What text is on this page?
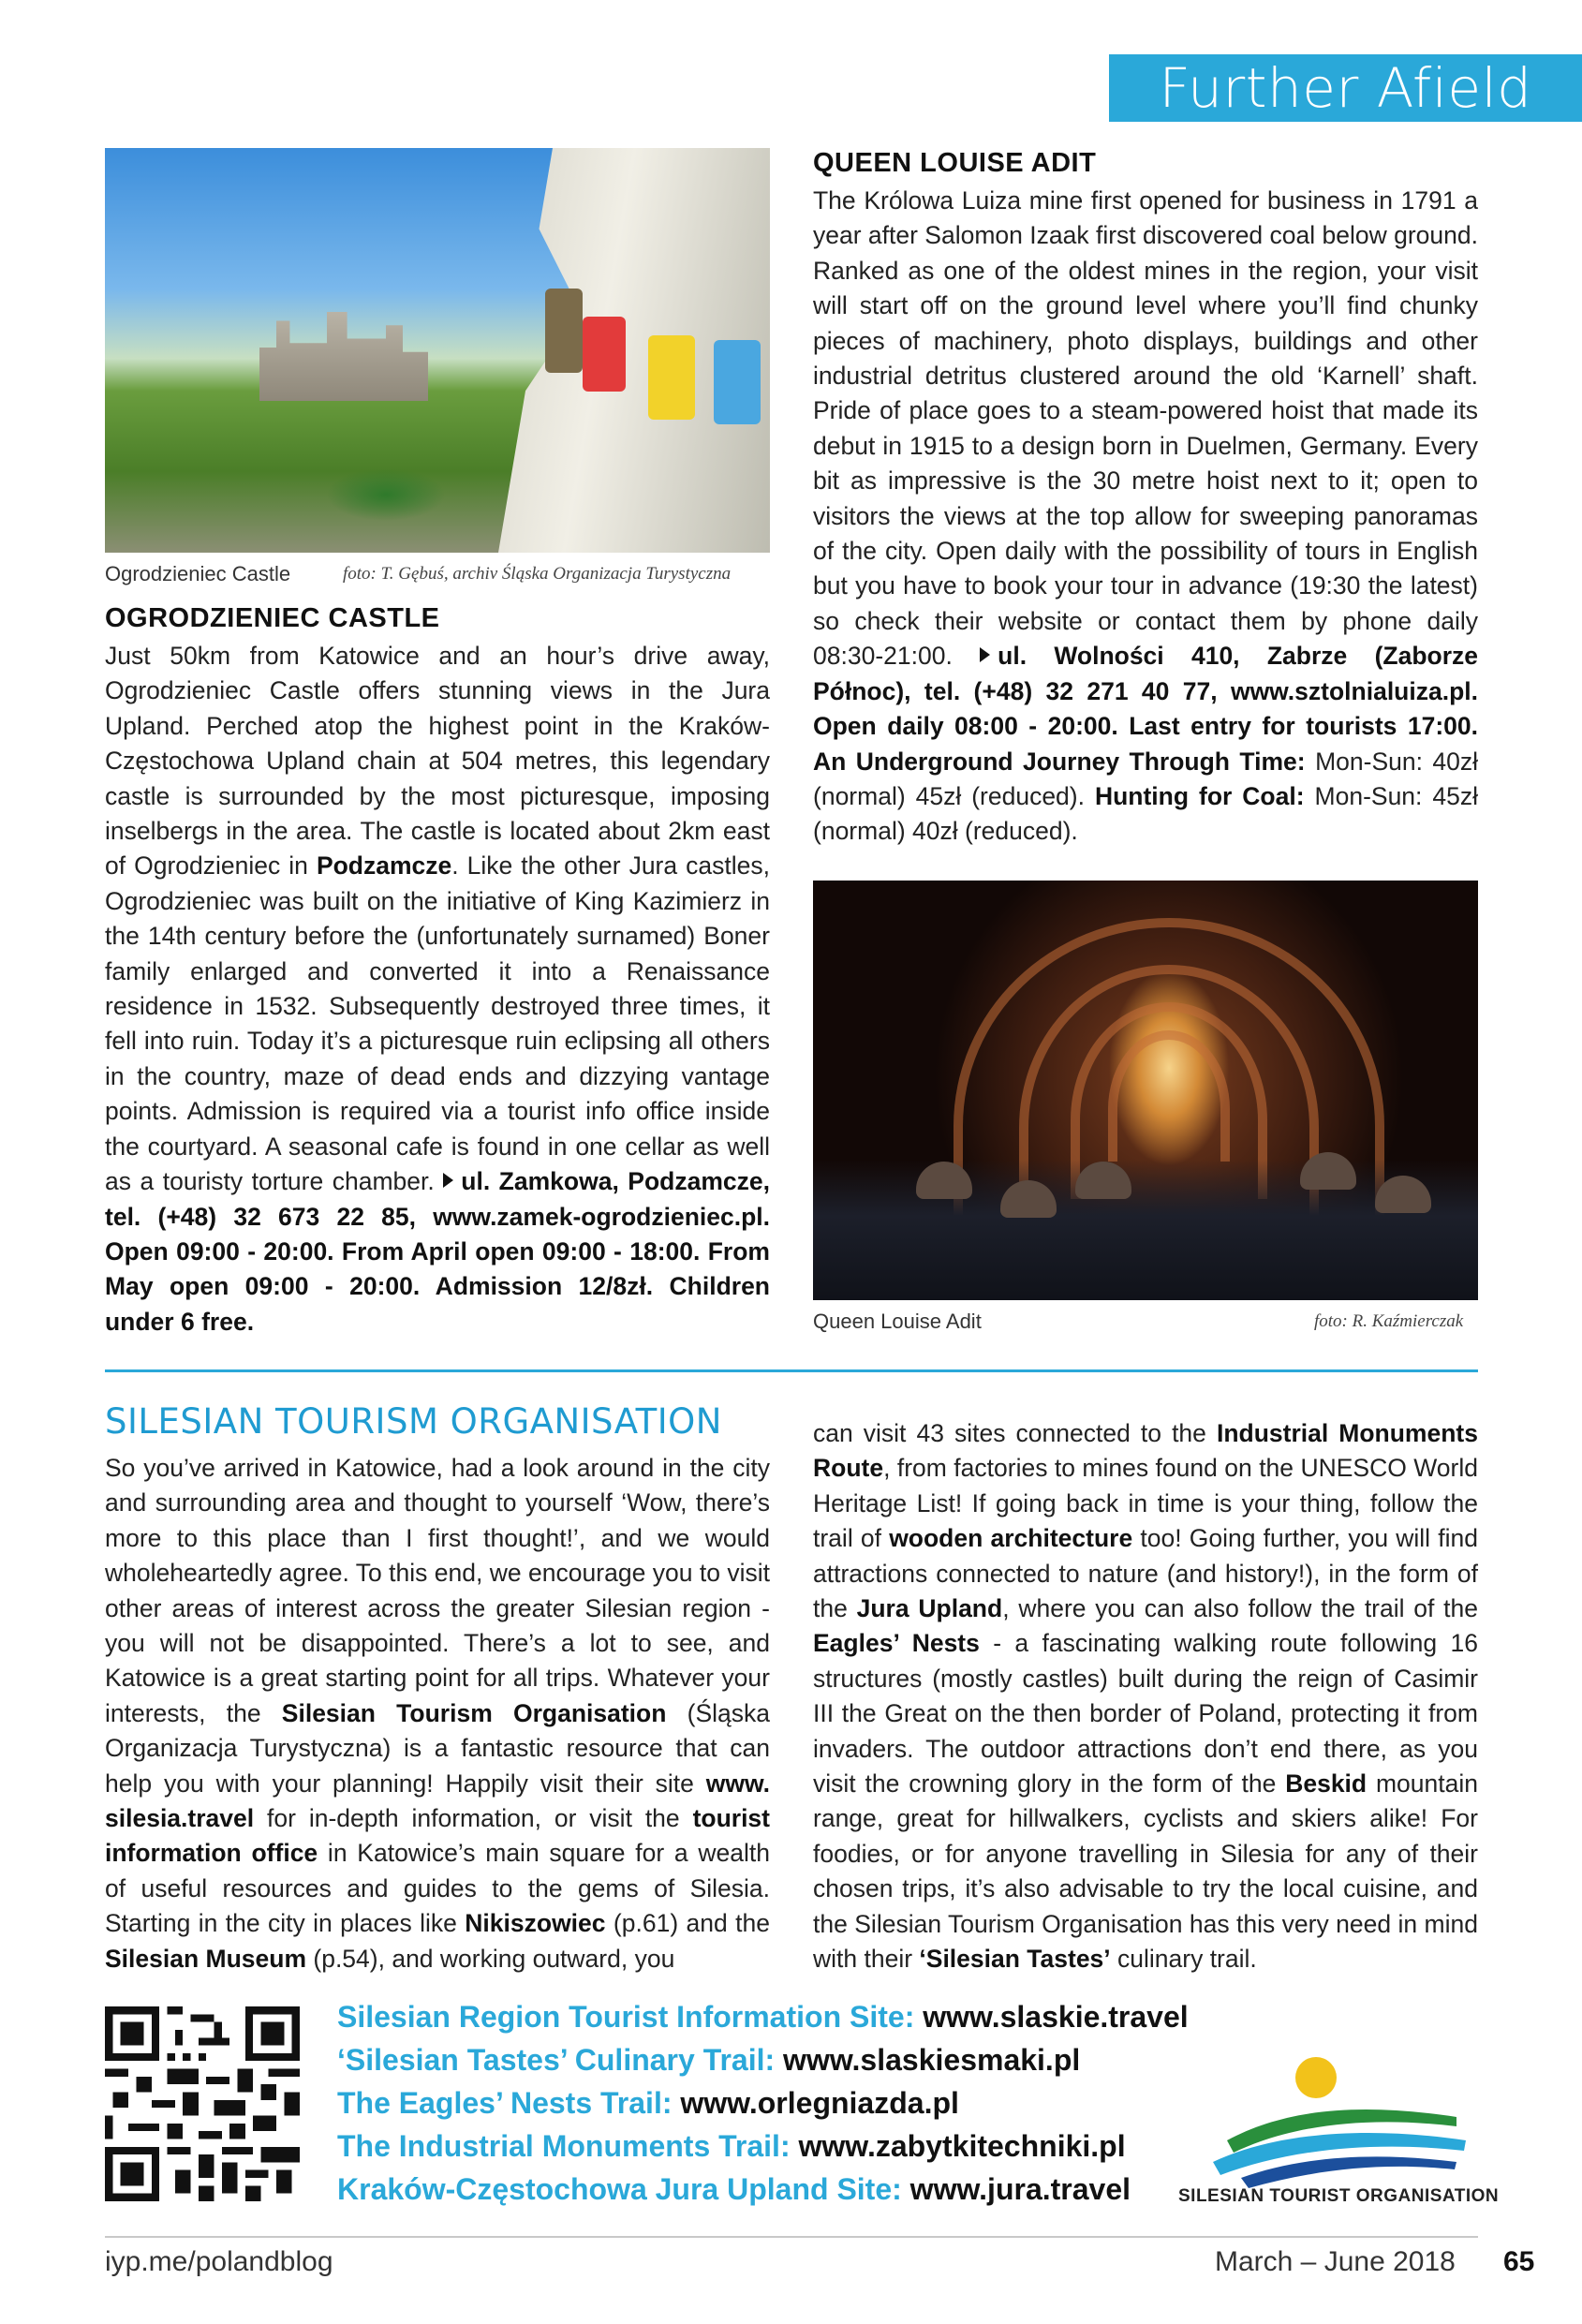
Further Afield
Ogrodzieniec Castle	foto: T. Gębuś, archiv Śląska Organizacja Turystyczna
OGRODZIENIEC CASTLE
Just 50km from Katowice and an hour’s drive away, Ogrodzieniec Castle offers stunning views in the Jura Upland. Perched atop the highest point in the Kraków-Częstochowa Upland chain at 504 metres, this legendary castle is surrounded by the most picturesque, imposing inselbergs in the area. The castle is located about 2km east of Ogrodzieniec in Podzamcze. Like the other Jura castles, Ogrodzieniec was built on the initiative of King Kazimierz in the 14th century before the (unfortunately surnamed) Boner family enlarged and converted it into a Renaissance residence in 1532. Subsequently destroyed three times, it fell into ruin. Today it’s a picturesque ruin eclipsing all others in the country, maze of dead ends and dizzying vantage points. Admission is required via a tourist info office inside the courtyard. A seasonal cafe is found in one cellar as well as a touristy torture chamber. ul. Zamkowa, Podzamcze, tel. (+48) 32 673 22 85, www.zamek-ogrodzieniec.pl. Open 09:00 - 20:00. From April open 09:00 - 18:00. From May open 09:00 - 20:00. Admission 12/8zł. Children under 6 free.
QUEEN LOUISE ADIT
The Królowa Luiza mine first opened for business in 1791 a year after Salomon Izaak first discovered coal below ground. Ranked as one of the oldest mines in the region, your visit will start off on the ground level where you’ll find chunky pieces of machinery, photo displays, buildings and other industrial detritus clustered around the old ‘Karnell’ shaft. Pride of place goes to a steam-powered hoist that made its debut in 1915 to a design born in Duelmen, Germany. Every bit as impressive is the 30 metre hoist next to it; open to visitors the views at the top allow for sweeping panoramas of the city. Open daily with the possibility of tours in English but you have to book your tour in advance (19:30 the latest) so check their website or contact them by phone daily 08:30-21:00. ul. Wolności 410, Zabrze (Zaborze Północ), tel. (+48) 32 271 40 77, www.sztolnialuiza.pl. Open daily 08:00 - 20:00. Last entry for tourists 17:00. An Underground Journey Through Time: Mon-Sun: 40zł (normal) 45zł (reduced). Hunting for Coal: Mon-Sun: 45zł (normal) 40zł (reduced).
Queen Louise Adit	foto: R. Kaźmierczak
SILESIAN TOURISM ORGANISATION
So you’ve arrived in Katowice, had a look around in the city and surrounding area and thought to yourself ‘Wow, there’s more to this place than I first thought!’, and we would wholeheartedly agree. To this end, we encourage you to visit other areas of interest across the greater Silesian region - you will not be disappointed. There’s a lot to see, and Katowice is a great starting point for all trips. Whatever your interests, the Silesian Tourism Organisation (Śląska Organizacja Turystyczna) is a fantastic resource that can help you with your planning! Happily visit their site www. silesia.travel for in-depth information, or visit the tourist information office in Katowice’s main square for a wealth of useful resources and guides to the gems of Silesia. Starting in the city in places like Nikiszowiec (p.61) and the Silesian Museum (p.54), and working outward, you
can visit 43 sites connected to the Industrial Monuments Route, from factories to mines found on the UNESCO World Heritage List! If going back in time is your thing, follow the trail of wooden architecture too! Going further, you will find attractions connected to nature (and history!), in the form of the Jura Upland, where you can also follow the trail of the Eagles’ Nests - a fascinating walking route following 16 structures (mostly castles) built during the reign of Casimir III the Great on the then border of Poland, protecting it from invaders. The outdoor attractions don’t end there, as you visit the crowning glory in the form of the Beskid mountain range, great for hillwalkers, cyclists and skiers alike! For foodies, or for anyone travelling in Silesia for any of their chosen trips, it’s also advisable to try the local cuisine, and the Silesian Tourism Organisation has this very need in mind with their ‘Silesian Tastes’ culinary trail.
Silesian Region Tourist Information Site: www.slaskie.travel
‘Silesian Tastes’ Culinary Trail: www.slaskiesmaki.pl
The Eagles’ Nests Trail: www.orlegniazda.pl
The Industrial Monuments Trail: www.zabytkitechniki.pl
Kraków-Częstochowa Jura Upland Site: www.jura.travel	SILESIAN TOURIST ORGANISATION
iyp.me/polandblog	March – June 2018 65
